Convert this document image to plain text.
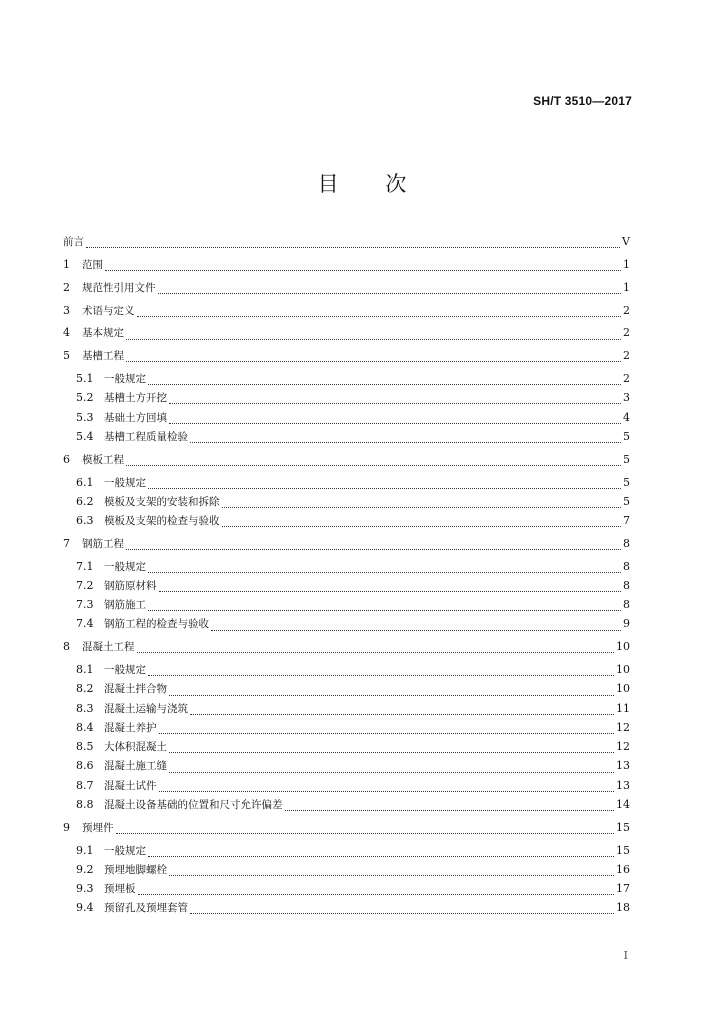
SH/T 3510—2017
目 次
前言	V
1	范围	1
2	规范性引用文件	1
3	术语与定义	2
4	基本规定	2
5	基槽工程	2
5.1	一般规定	2
5.2	基槽土方开挖	3
5.3	基础土方回填	4
5.4	基槽工程质量检验	5
6	模板工程	5
6.1	一般规定	5
6.2	模板及支架的安装和拆除	5
6.3	模板及支架的检查与验收	7
7	钢筋工程	8
7.1	一般规定	8
7.2	钢筋原材料	8
7.3	钢筋施工	8
7.4	钢筋工程的检查与验收	9
8	混凝土工程	10
8.1	一般规定	10
8.2	混凝土拌合物	10
8.3	混凝土运输与浇筑	11
8.4	混凝土养护	12
8.5	大体积混凝土	12
8.6	混凝土施工缝	13
8.7	混凝土试件	13
8.8	混凝土设备基础的位置和尺寸允许偏差	14
9	预埋件	15
9.1	一般规定	15
9.2	预埋地脚螺栓	16
9.3	预埋板	17
9.4	预留孔及预埋套管	18
I
